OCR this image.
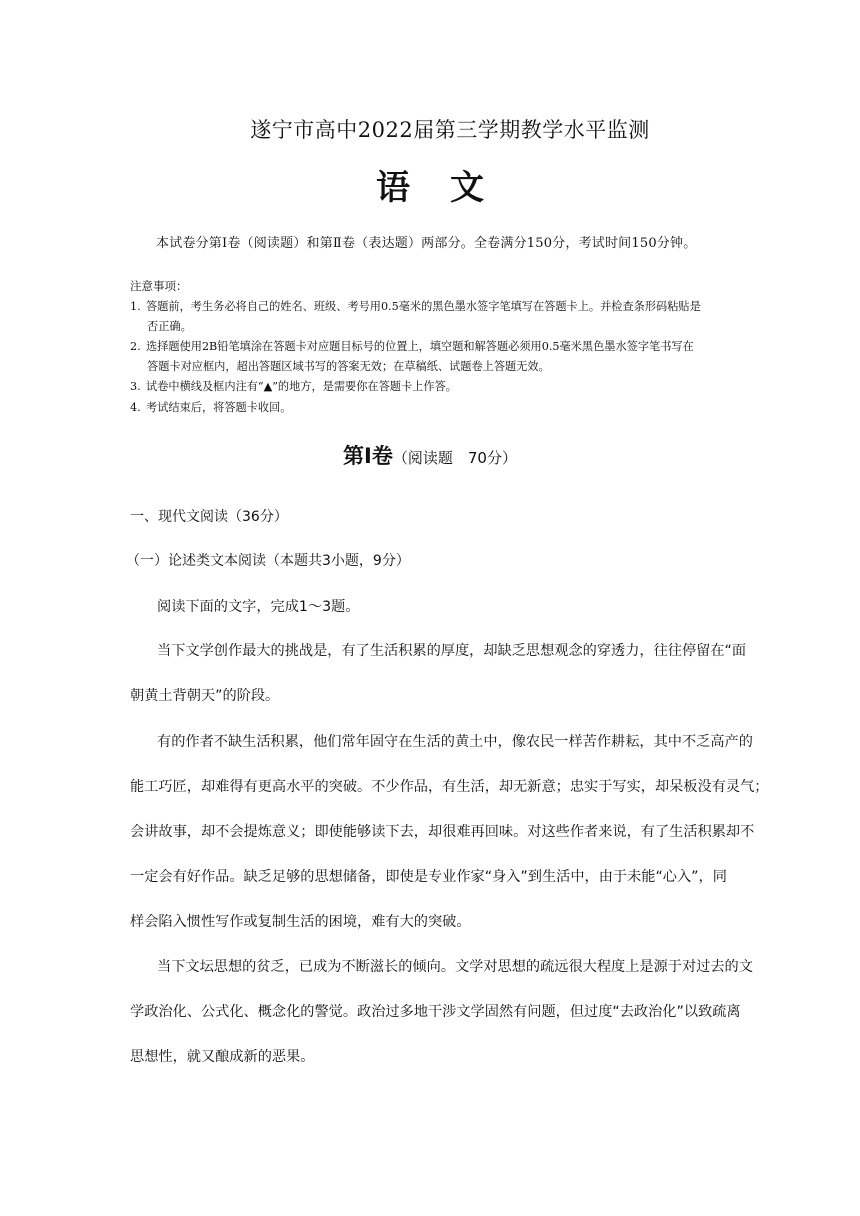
遂宁市高中2022届第三学期教学水平监测
语文
本试卷分第Ⅰ卷（阅读题）和第Ⅱ卷（表达题）两部分。全卷满分150分，考试时间150分钟。
注意事项：
1. 答题前，考生务必将自己的姓名、班级、考号用0.5毫米的黑色墨水签字笔填写在答题卡上。并检查条形码粘贴是
否正确。
2. 选择题使用2B铅笔填涂在答题卡对应题目标号的位置上，填空题和解答题必须用0.5毫米黑色墨水签字笔书写在
答题卡对应框内，超出答题区域书写的答案无效；在草稿纸、试题卷上答题无效。
3. 试卷中横线及框内注有“▲”的地方，是需要你在答题卡上作答。
4. 考试结束后，将答题卡收回。
第Ⅰ卷（阅读题　70分）
一、现代文阅读（36分）
（一）论述类文本阅读（本题共3小题，9分）
阅读下面的文字，完成1～3题。
当下文学创作最大的挑战是，有了生活积累的厚度，却缺乏思想观念的穿透力，往往停留在“面
朝黄土背朝天”的阶段。
有的作者不缺生活积累，他们常年固守在生活的黄土中，像农民一样苦作耕耘，其中不乏高产的
能工巧匠，却难得有更高水平的突破。不少作品，有生活，却无新意；忠实于写实，却呆板没有灵气；
会讲故事，却不会提炼意义；即使能够读下去，却很难再回味。对这些作者来说，有了生活积累却不
一定会有好作品。缺乏足够的思想储备，即使是专业作家“身入”到生活中，由于未能“心入”，同
样会陷入惯性写作或复制生活的困境，难有大的突破。
当下文坛思想的贫乏，已成为不断滋长的倾向。文学对思想的疏远很大程度上是源于对过去的文
学政治化、公式化、概念化的警觉。政治过多地干涉文学固然有问题，但过度“去政治化”以致疏离
思想性，就又酿成新的恶果。
